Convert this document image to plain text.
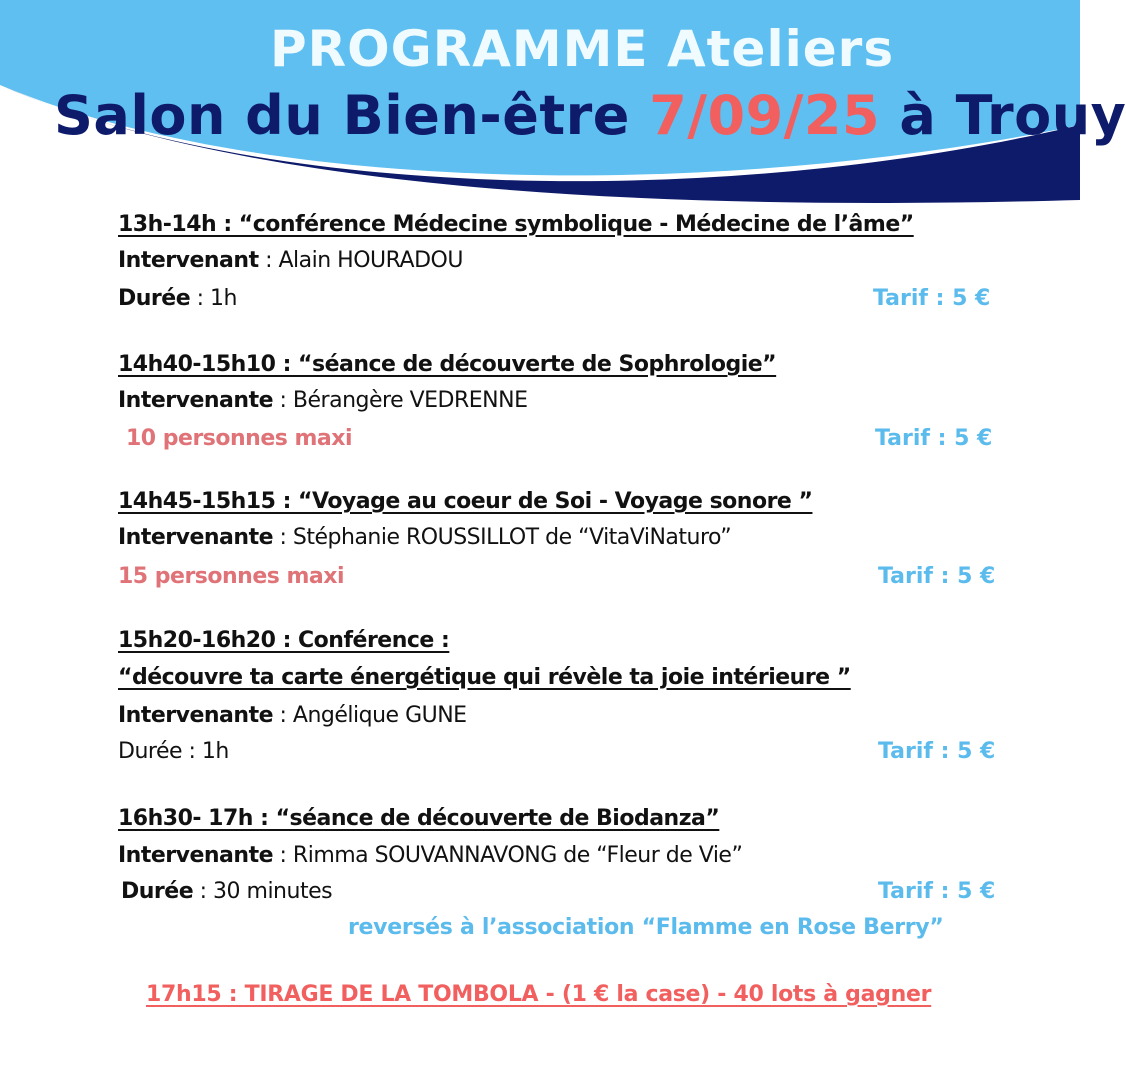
PROGRAMME Ateliers
Salon du Bien-être 7/09/25 à Trouy
13h-14h : “conférence Médecine symbolique - Médecine de l’âme”
Intervenant : Alain HOURADOU
Durée : 1h	Tarif : 5 €
14h40-15h10 : “séance de découverte de Sophrologie”
Intervenante : Bérangère VEDRENNE
10 personnes maxi	Tarif : 5 €
14h45-15h15 : “Voyage au coeur de Soi - Voyage sonore ”
Intervenante : Stéphanie ROUSSILLOT de “VitaViNaturo”
15 personnes maxi	Tarif : 5 €
15h20-16h20 : Conférence :
“découvre ta carte énergétique qui révèle ta joie intérieure ”
Intervenante : Angélique GUNE
Durée : 1h	Tarif : 5 €
16h30- 17h : “séance de découverte de Biodanza”
Intervenante : Rimma SOUVANNAVONG de “Fleur de Vie”
Durée : 30 minutes	Tarif : 5 €
reversés à l’association “Flamme en Rose Berry”
17h15 : TIRAGE DE LA TOMBOLA - (1 € la case) - 40 lots à gagner
